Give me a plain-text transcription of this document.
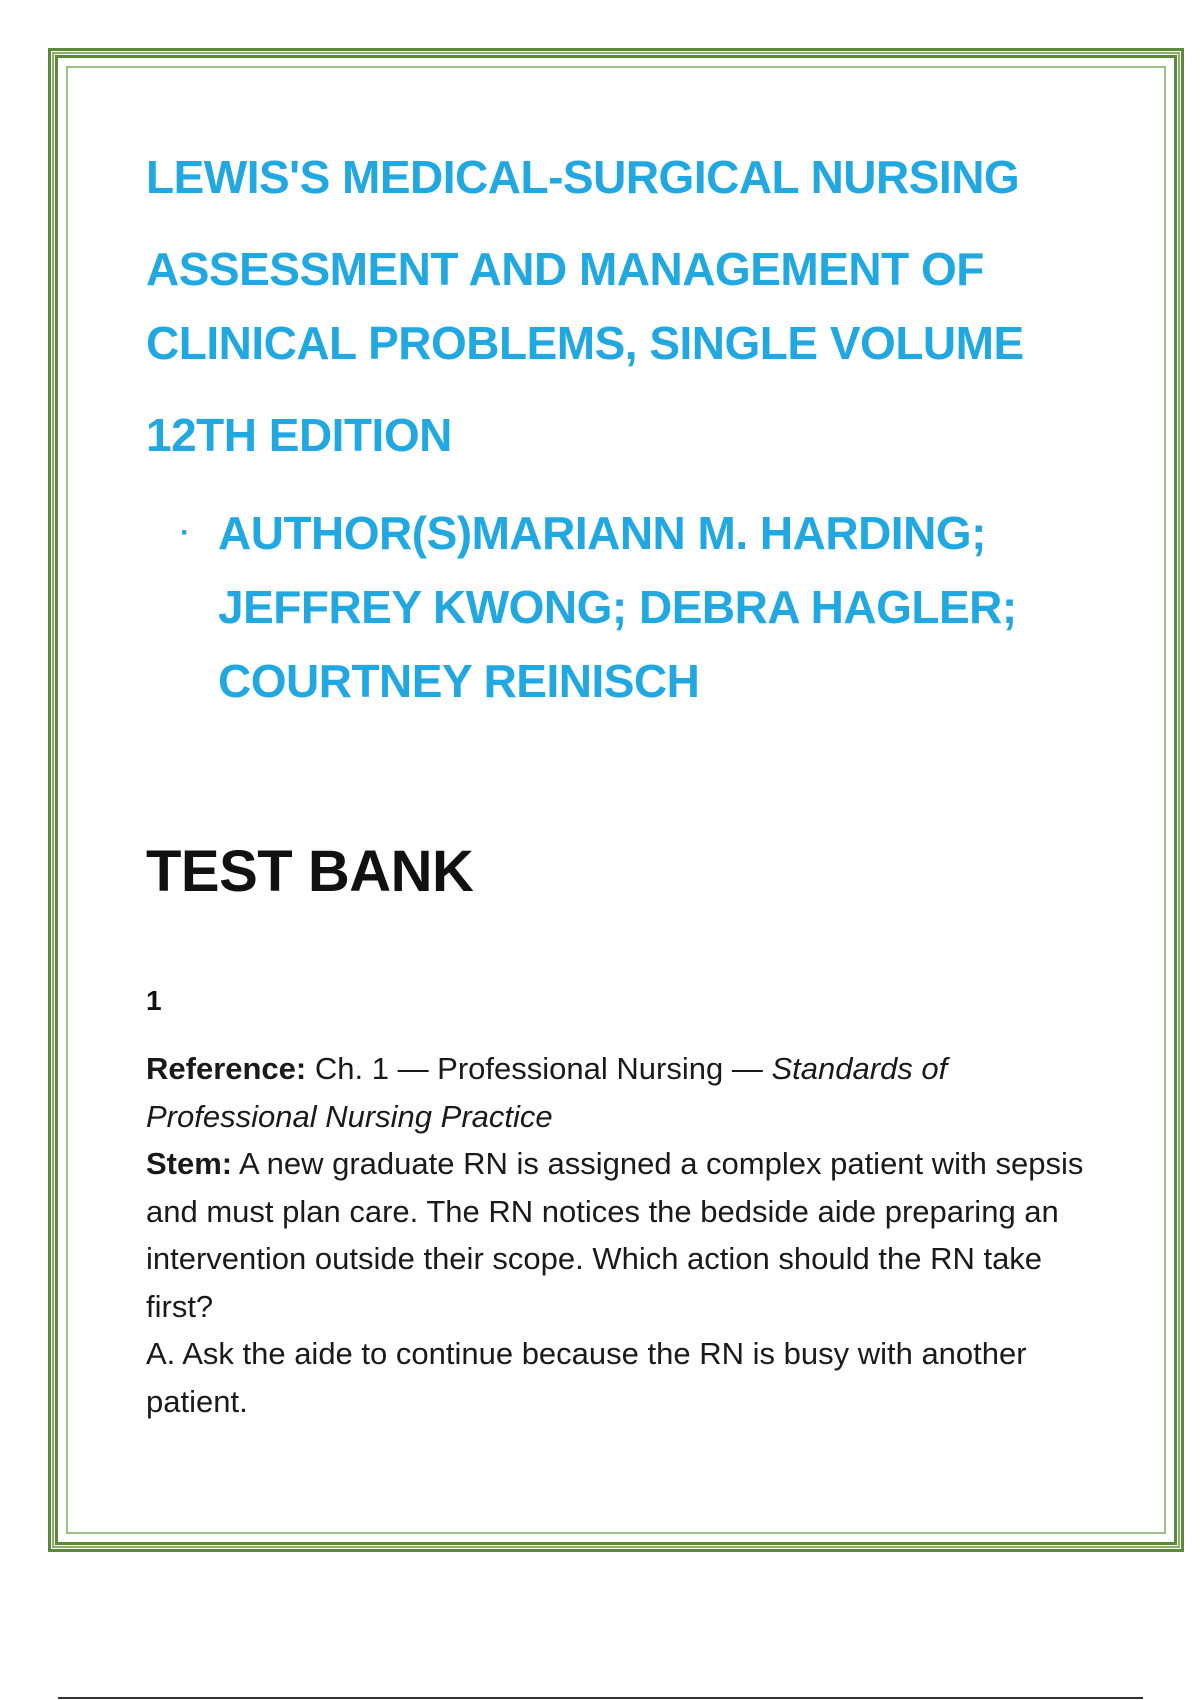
LEWIS'S MEDICAL-SURGICAL NURSING
ASSESSMENT AND MANAGEMENT OF
CLINICAL PROBLEMS, SINGLE VOLUME
12TH EDITION
· AUTHOR(S)MARIANN M. HARDING; JEFFREY KWONG; DEBRA HAGLER; COURTNEY REINISCH
TEST BANK
1

Reference: Ch. 1 — Professional Nursing — Standards of Professional Nursing Practice

Stem: A new graduate RN is assigned a complex patient with sepsis and must plan care. The RN notices the bedside aide preparing an intervention outside their scope. Which action should the RN take first?

A. Ask the aide to continue because the RN is busy with another patient.
